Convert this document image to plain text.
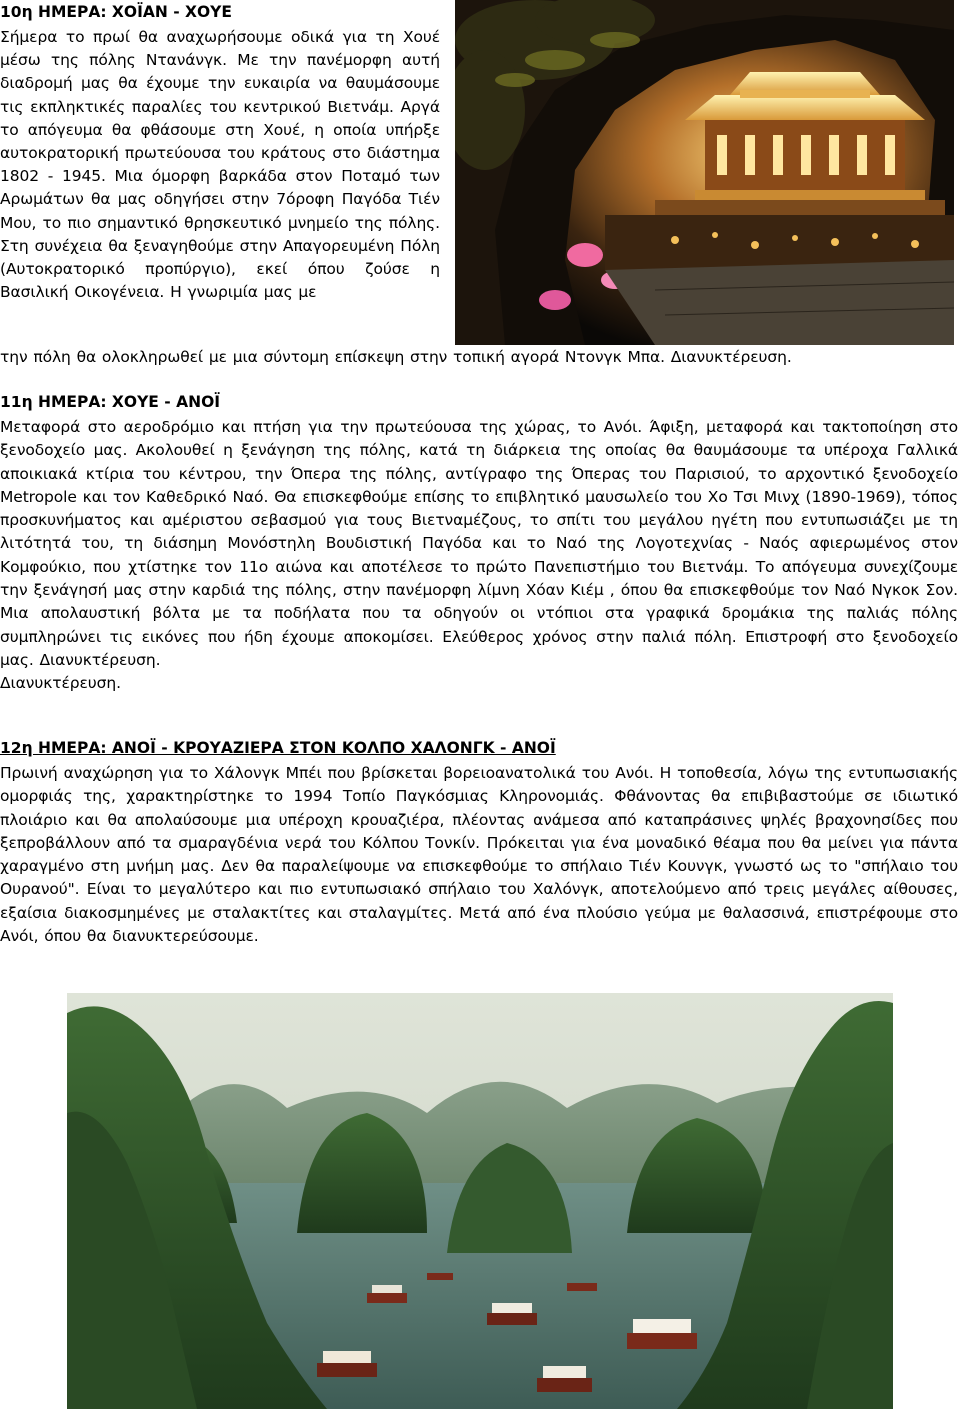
10η ΗΜΕΡΑ: ΧΟΪΑΝ - ΧΟΥΕ

Σήμερα το πρωί θα αναχωρήσουμε οδικά για τη Χουέ μέσω της πόλης Ντανάνγκ. Με την πανέμορφη αυτή διαδρομή μας θα έχουμε την ευκαιρία να θαυμάσουμε τις εκπληκτικές παραλίες του κεντρικού Βιετνάμ. Αργά το απόγευμα θα φθάσουμε στη Χουέ, η οποία υπήρξε αυτοκρατορική πρωτεύουσα του κράτους στο διάστημα 1802 - 1945. Μια όμορφη βαρκάδα στον Ποταμό των Αρωμάτων θα μας οδηγήσει στην 7όροφη Παγόδα Τιέν Μου, το πιο σημαντικό θρησκευτικό μνημείο της πόλης. Στη συνέχεια θα ξεναγηθούμε στην Απαγορευμένη Πόλη (Αυτοκρατορικό προπύργιο), εκεί όπου ζούσε η Βασιλική Οικογένεια. Η γνωριμία μας με

την πόλη θα ολοκληρωθεί με μια σύντομη επίσκεψη στην τοπική αγορά Ντονγκ Μπα. Διανυκτέρευση.

11η ΗΜΕΡΑ: ΧΟΥΕ - ΑΝΟΪ

Μεταφορά στο αεροδρόμιο και πτήση για την πρωτεύουσα της χώρας, το Ανόι. Άφιξη, μεταφορά και τακτοποίηση στο ξενοδοχείο μας. Ακολουθεί η ξενάγηση της πόλης, κατά τη διάρκεια της οποίας θα θαυμάσουμε τα υπέροχα Γαλλικά αποικιακά κτίρια του κέντρου, την Όπερα της πόλης, αντίγραφο της Όπερας του Παρισιού, το αρχοντικό ξενοδοχείο Metropole και τον Καθεδρικό Ναό. Θα επισκεφθούμε επίσης το επιβλητικό μαυσωλείο του Χο Τσι Μινχ (1890-1969), τόπος προσκυνήματος και αμέριστου σεβασμού για τους Βιετναμέζους, το σπίτι του μεγάλου ηγέτη που εντυπωσιάζει με τη λιτότητά του, τη διάσημη Μονόστηλη Βουδιστική Παγόδα και το Ναό της Λογοτεχνίας - Ναός αφιερωμένος στον Κομφούκιο, που χτίστηκε τον 11ο αιώνα και αποτέλεσε το πρώτο Πανεπιστήμιο του Βιετνάμ. Το απόγευμα συνεχίζουμε την ξενάγησή μας στην καρδιά της πόλης, στην πανέμορφη λίμνη Χόαν Κιέμ , όπου θα επισκεφθούμε τον Ναό Νγκοκ Σον. Μια απολαυστική βόλτα με τα ποδήλατα που τα οδηγούν οι ντόπιοι στα γραφικά δρομάκια της παλιάς πόλης συμπληρώνει τις εικόνες που ήδη έχουμε αποκομίσει. Ελεύθερος χρόνος στην παλιά πόλη. Επιστροφή στο ξενοδοχείο μας. Διανυκτέρευση.

Διανυκτέρευση.

12η ΗΜΕΡΑ: ΑΝΟΪ - ΚΡΟΥΑΖΙΕΡΑ ΣΤΟΝ ΚΟΛΠΟ ΧΑΛΟΝΓΚ - ΑΝΟΪ

Πρωινή αναχώρηση για το Χάλονγκ Μπέι που βρίσκεται βορειοανατολικά του Ανόι. Η τοποθεσία, λόγω της εντυπωσιακής ομορφιάς της, χαρακτηρίστηκε το 1994 Τοπίο Παγκόσμιας Κληρονομιάς. Φθάνοντας θα επιβιβαστούμε σε ιδιωτικό πλοιάριο και θα απολαύσουμε μια υπέροχη κρουαζιέρα, πλέοντας ανάμεσα από καταπράσινες ψηλές βραχονησίδες που ξεπροβάλλουν από τα σμαραγδένια νερά του Κόλπου Τονκίν. Πρόκειται για ένα μοναδικό θέαμα που θα μείνει για πάντα χαραγμένο στη μνήμη μας. Δεν θα παραλείψουμε να επισκεφθούμε το σπήλαιο Τιέν Κουνγκ, γνωστό ως το "σπήλαιο του Ουρανού". Είναι το μεγαλύτερο και πιο εντυπωσιακό σπήλαιο του Χαλόνγκ, αποτελούμενο από τρεις μεγάλες αίθουσες, εξαίσια διακοσμημένες με σταλακτίτες και σταλαγμίτες. Μετά από ένα πλούσιο γεύμα με θαλασσινά, επιστρέφουμε στο Ανόι, όπου θα διανυκτερεύσουμε.
